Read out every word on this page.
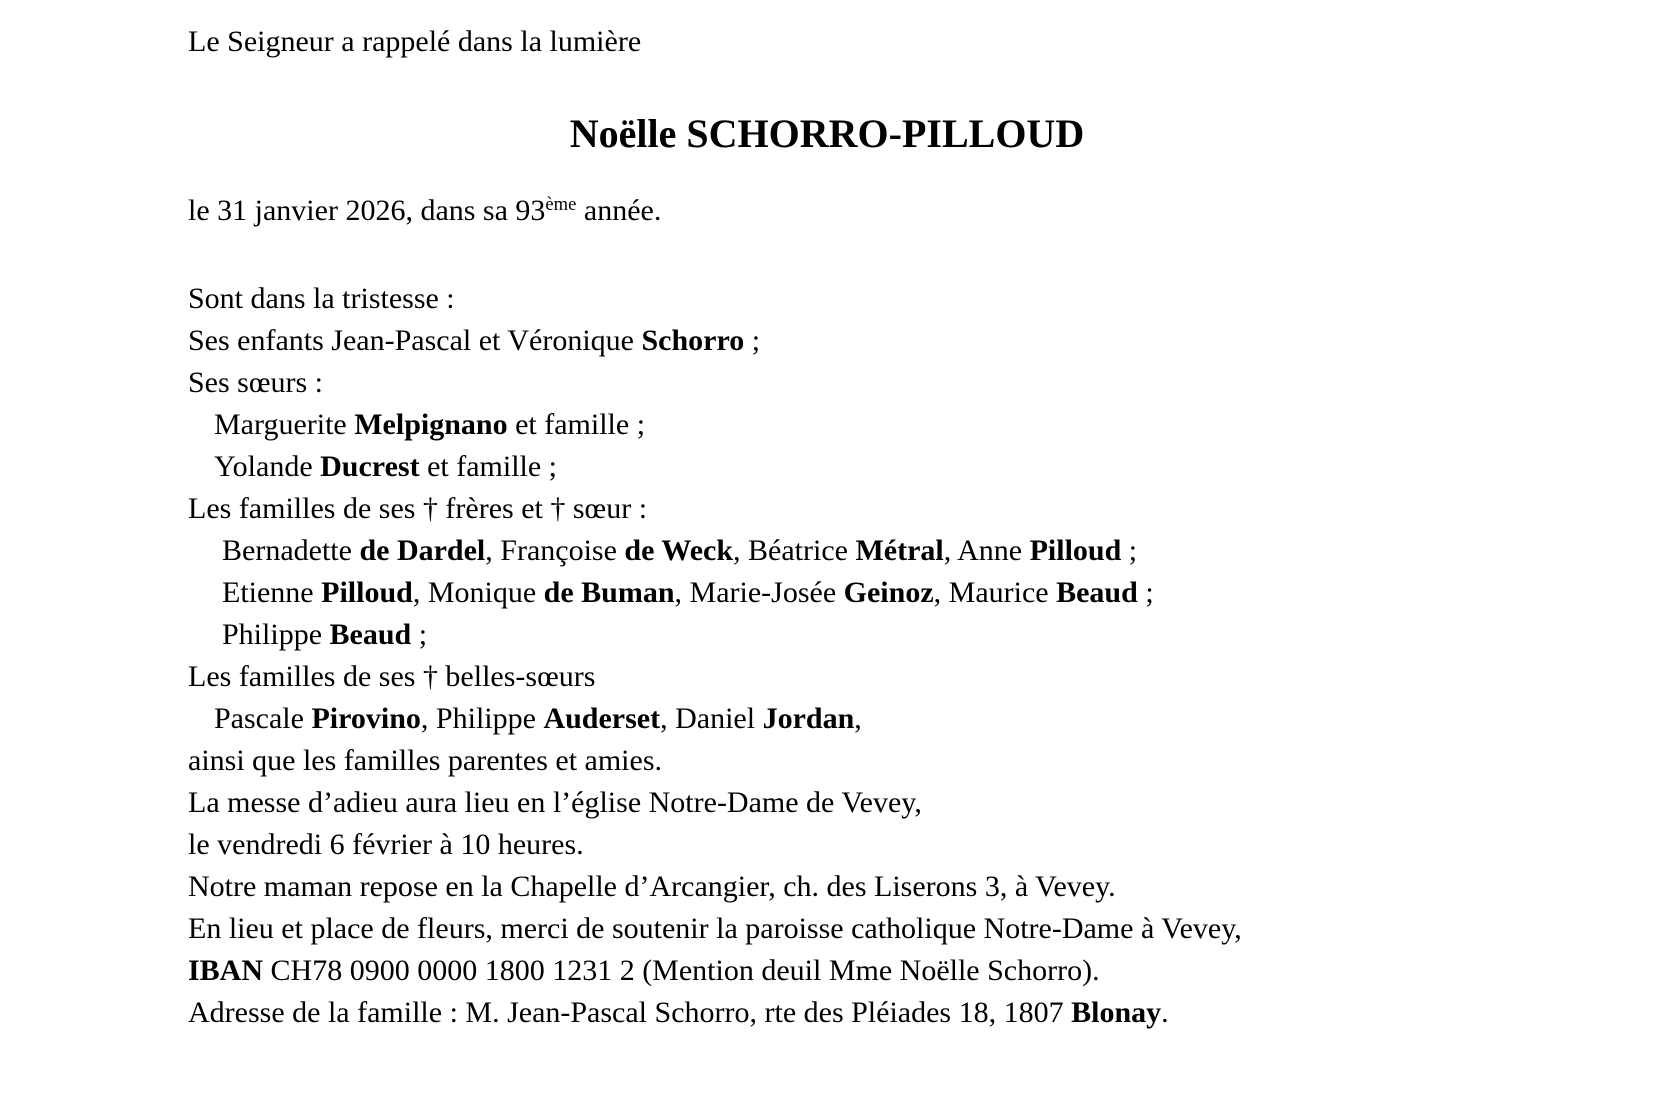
Le Seigneur a rappelé dans la lumière
Noëlle SCHORRO-PILLOUD
le 31 janvier 2026, dans sa 93ème année.
Sont dans la tristesse :
Ses enfants Jean-Pascal et Véronique Schorro ;
Ses sœurs :
Marguerite Melpignano et famille ;
Yolande Ducrest et famille ;
Les familles de ses † frères et † sœur :
Bernadette de Dardel, Françoise de Weck, Béatrice Métral, Anne Pilloud ;
Etienne Pilloud, Monique de Buman, Marie-Josée Geinoz, Maurice Beaud ;
Philippe Beaud ;
Les familles de ses † belles-sœurs
Pascale Pirovino, Philippe Auderset, Daniel Jordan,
ainsi que les familles parentes et amies.
La messe d’adieu aura lieu en l’église Notre-Dame de Vevey,
le vendredi 6 février à 10 heures.
Notre maman repose en la Chapelle d’Arcangier, ch. des Liserons 3, à Vevey.
En lieu et place de fleurs, merci de soutenir la paroisse catholique Notre-Dame à Vevey,
IBAN CH78 0900 0000 1800 1231 2 (Mention deuil Mme Noëlle Schorro).
Adresse de la famille : M. Jean-Pascal Schorro, rte des Pléiades 18, 1807 Blonay.
